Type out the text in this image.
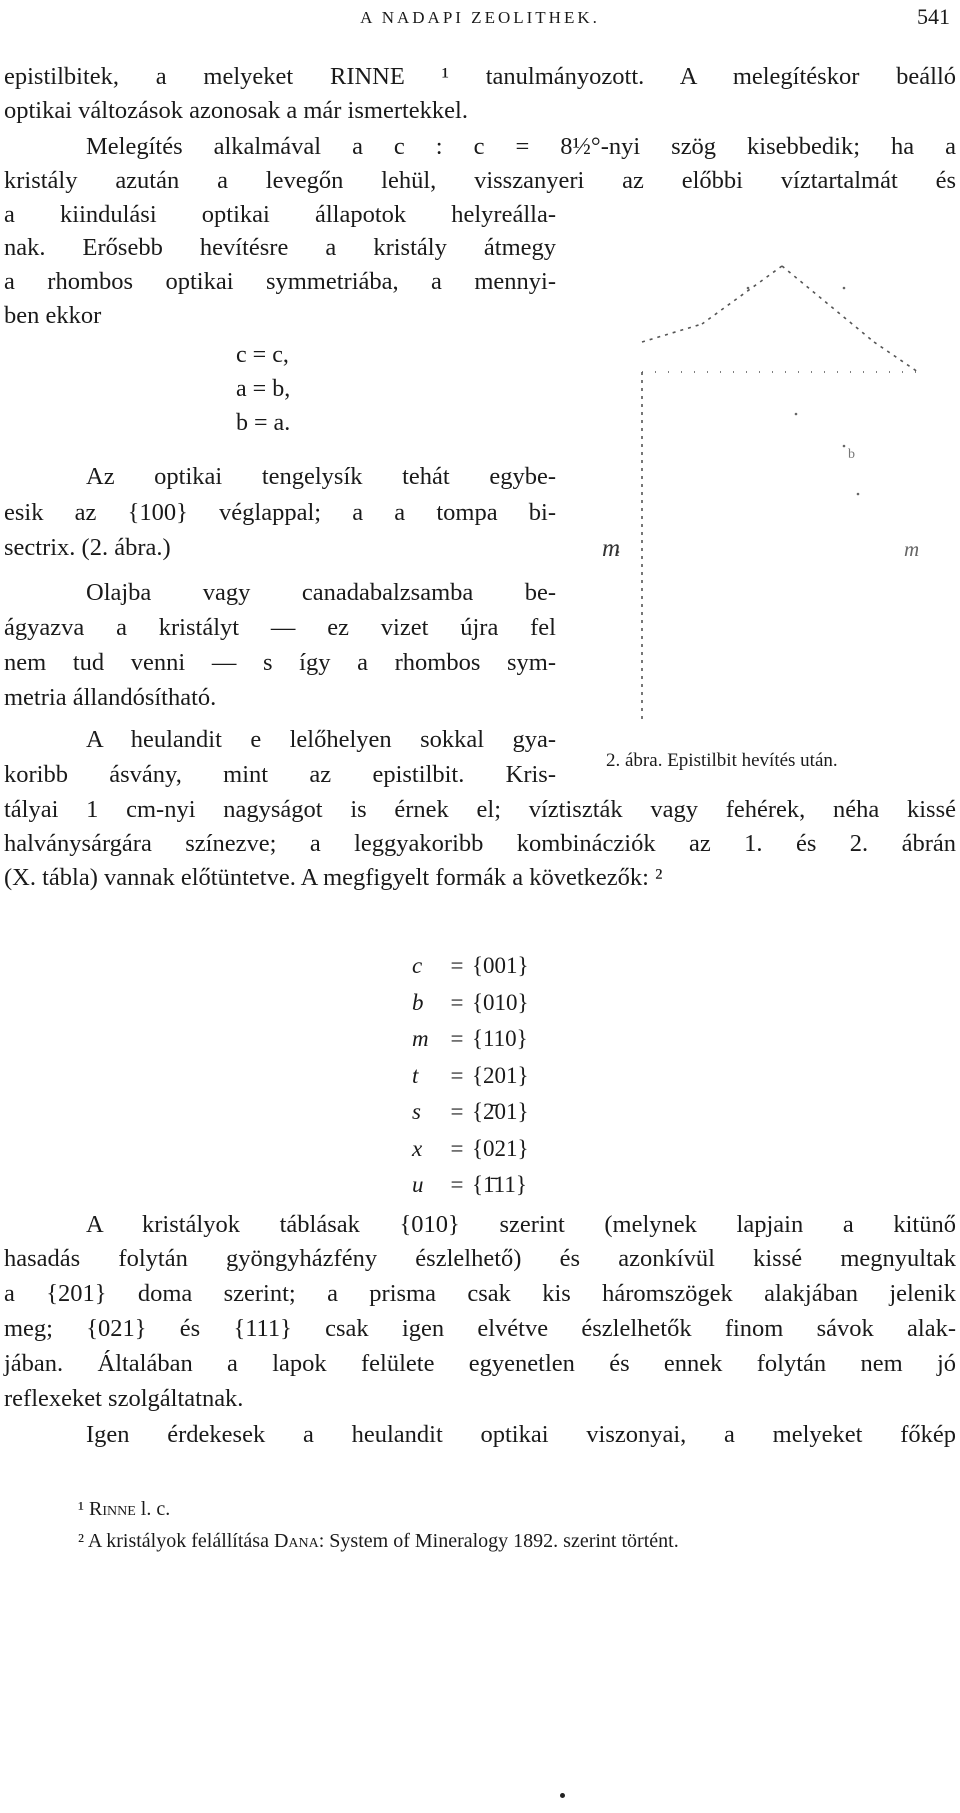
A NADAPI ZEOLITHEK.	541
epistilbitek, a melyeket RINNE ¹ tanulmányozott. A melegítéskor beálló
optikai változások azonosak a már ismertekkel.
Melegítés alkalmával a c : c = 8½°-nyi szög kisebbedik; ha a
kristály azután a levegőn lehül, visszanyeri az előbbi víztartalmát és
a kiindulási optikai állapotok helyreálla-
nak. Erősebb hevítésre a kristály átmegy
a rhombos optikai symmetriába, a mennyi-
ben ekkor
c = c,
a = b,
b = a.
Az optikai tengelysík tehát egybe-
esik az {100} véglappal; a a tompa bi-
sectrix. (2. ábra.)
Olajba vagy canadabalzsamba be-
ágyazva a kristályt — ez vizet újra fel
nem tud venni — s így a rhombos sym-
metria állandósítható.
A heulandit e lelőhelyen sokkal gya-
koribb ásvány, mint az epistilbit. Kris-
b
m	m
2. ábra. Epistilbit hevítés után.
tályai 1 cm-nyi nagyságot is érnek el; víztiszták vagy fehérek, néha kissé
halványsárgára színezve; a leggyakoribb kombinácziók az 1. és 2. ábrán
(X. tábla) vannak előtüntetve. A megfigyelt formák a következők: ²
c = {001}
b = {010}
m = {110}
t = {201}
s = {2̄01}
x = {021}
u = {1̄11}
A kristályok táblásak {010} szerint (melynek lapjain a kitünő
hasadás folytán gyöngyházfény észlelhető) és azonkívül kissé megnyultak
a {201} doma szerint; a prisma csak kis háromszögek alakjában jelenik
meg; {021} és {111} csak igen elvétve észlelhetők finom sávok alak-
jában. Általában a lapok felülete egyenetlen és ennek folytán nem jó
reflexeket szolgáltatnak.
Igen érdekesek a heulandit optikai viszonyai, a melyeket főkép
¹ Rinne l. c.
² A kristályok felállítása Dana: System of Mineralogy 1892. szerint történt.
